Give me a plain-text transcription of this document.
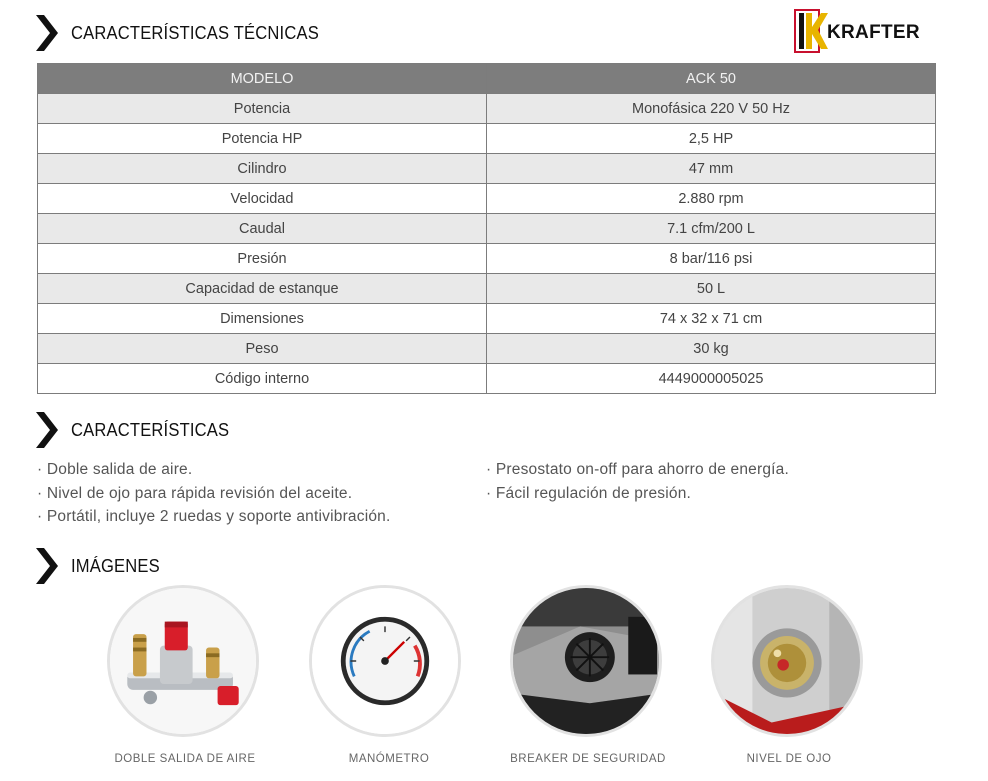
CARACTERÍSTICAS TÉCNICAS	KRAFTER
MODELO	ACK 50
Potencia	Monofásica 220 V 50 Hz
Potencia HP	2,5 HP
Cilindro	47 mm
Velocidad	2.880 rpm
Caudal	7.1 cfm/200 L
Presión	8 bar/116 psi
Capacidad de estanque	50 L
Dimensiones	74 x 32 x 71 cm
Peso	30 kg
Código interno	4449000005025
CARACTERÍSTICAS
· Doble salida de aire.
· Nivel de ojo para rápida revisión del aceite.
· Portátil, incluye 2 ruedas y soporte antivibración.
· Presostato on-off para ahorro de energía.
· Fácil regulación de presión.
IMÁGENES
DOBLE SALIDA DE AIRE	MANÓMETRO	BREAKER DE SEGURIDAD	NIVEL DE OJO
